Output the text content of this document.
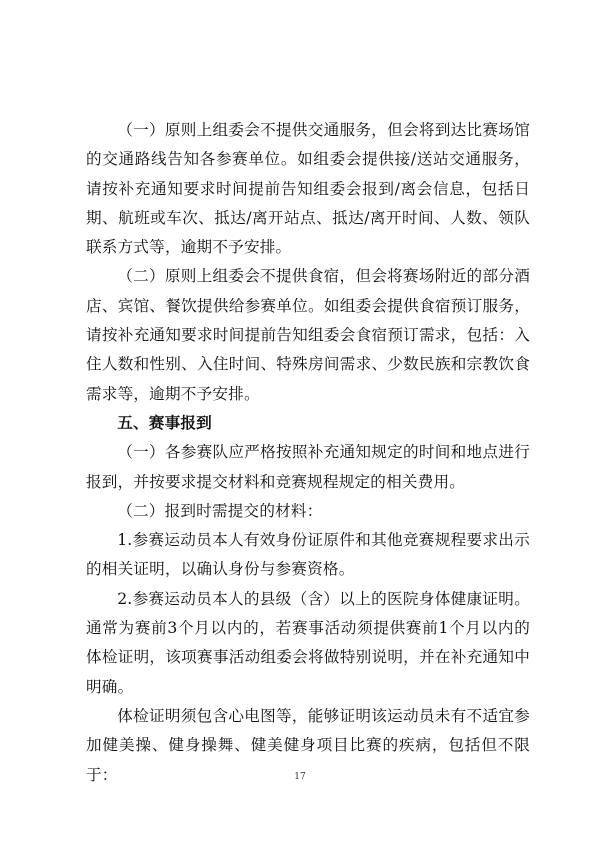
（一）原则上组委会不提供交通服务，但会将到达比赛场馆的交通路线告知各参赛单位。如组委会提供接/送站交通服务，请按补充通知要求时间提前告知组委会报到/离会信息，包括日期、航班或车次、抵达/离开站点、抵达/离开时间、人数、领队联系方式等，逾期不予安排。

（二）原则上组委会不提供食宿，但会将赛场附近的部分酒店、宾馆、餐饮提供给参赛单位。如组委会提供食宿预订服务，请按补充通知要求时间提前告知组委会食宿预订需求，包括：入住人数和性别、入住时间、特殊房间需求、少数民族和宗教饮食需求等，逾期不予安排。

五、赛事报到

（一）各参赛队应严格按照补充通知规定的时间和地点进行报到，并按要求提交材料和竞赛规程规定的相关费用。

（二）报到时需提交的材料：

1.参赛运动员本人有效身份证原件和其他竞赛规程要求出示的相关证明，以确认身份与参赛资格。

2.参赛运动员本人的县级（含）以上的医院身体健康证明。通常为赛前3个月以内的，若赛事活动须提供赛前1个月以内的体检证明，该项赛事活动组委会将做特别说明，并在补充通知中明确。

体检证明须包含心电图等，能够证明该运动员未有不适宜参加健美操、健身操舞、健美健身项目比赛的疾病，包括但不限于：	17
